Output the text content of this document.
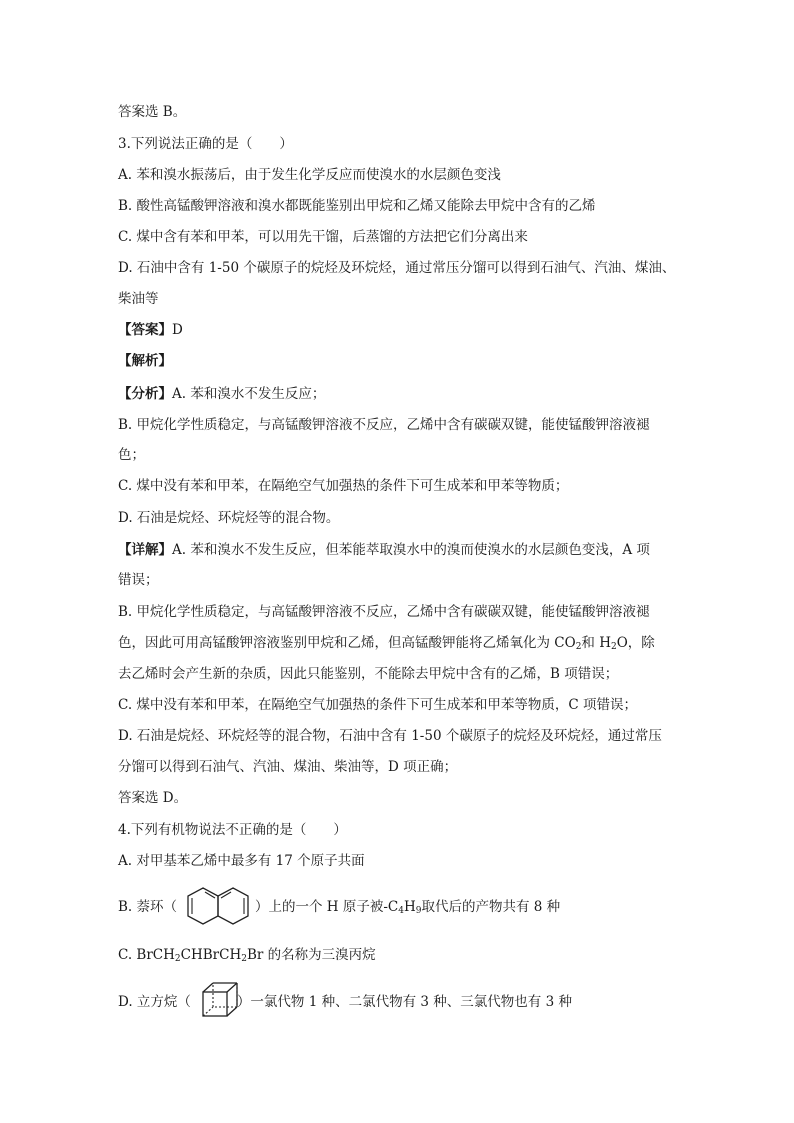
答案选 B。
3.下列说法正确的是（　　）
A. 苯和溴水振荡后，由于发生化学反应而使溴水的水层颜色变浅
B. 酸性高锰酸钾溶液和溴水都既能鉴别出甲烷和乙烯又能除去甲烷中含有的乙烯
C. 煤中含有苯和甲苯，可以用先干馏，后蒸馏的方法把它们分离出来
D. 石油中含有 1-50 个碳原子的烷烃及环烷烃，通过常压分馏可以得到石油气、汽油、煤油、
柴油等
【答案】D
【解析】
【分析】A. 苯和溴水不发生反应；
B. 甲烷化学性质稳定，与高锰酸钾溶液不反应，乙烯中含有碳碳双键，能使锰酸钾溶液褪
色；
C. 煤中没有苯和甲苯，在隔绝空气加强热的条件下可生成苯和甲苯等物质；
D. 石油是烷烃、环烷烃等的混合物。
【详解】A. 苯和溴水不发生反应，但苯能萃取溴水中的溴而使溴水的水层颜色变浅，A 项
错误；
B. 甲烷化学性质稳定，与高锰酸钾溶液不反应，乙烯中含有碳碳双键，能使锰酸钾溶液褪
色，因此可用高锰酸钾溶液鉴别甲烷和乙烯，但高锰酸钾能将乙烯氧化为 $CO_2$和 $H_2O$，除
去乙烯时会产生新的杂质，因此只能鉴别，不能除去甲烷中含有的乙烯，B 项错误；
C. 煤中没有苯和甲苯，在隔绝空气加强热的条件下可生成苯和甲苯等物质，C 项错误；
D. 石油是烷烃、环烷烃等的混合物，石油中含有 1-50 个碳原子的烷烃及环烷烃，通过常压
分馏可以得到石油气、汽油、煤油、柴油等，D 项正确；
答案选 D。
4.下列有机物说法不正确的是（　　）
A. 对甲基苯乙烯中最多有 17 个原子共面
B. 萘环（	）上的一个 H 原子被$-C_4H_9$取代后的产物共有 8 种
C. BrCH$_2$CHBrCH$_2$Br 的名称为三溴丙烷
D. 立方烷（	）一氯代物 1 种、二氯代物有 3 种、三氯代物也有 3 种
